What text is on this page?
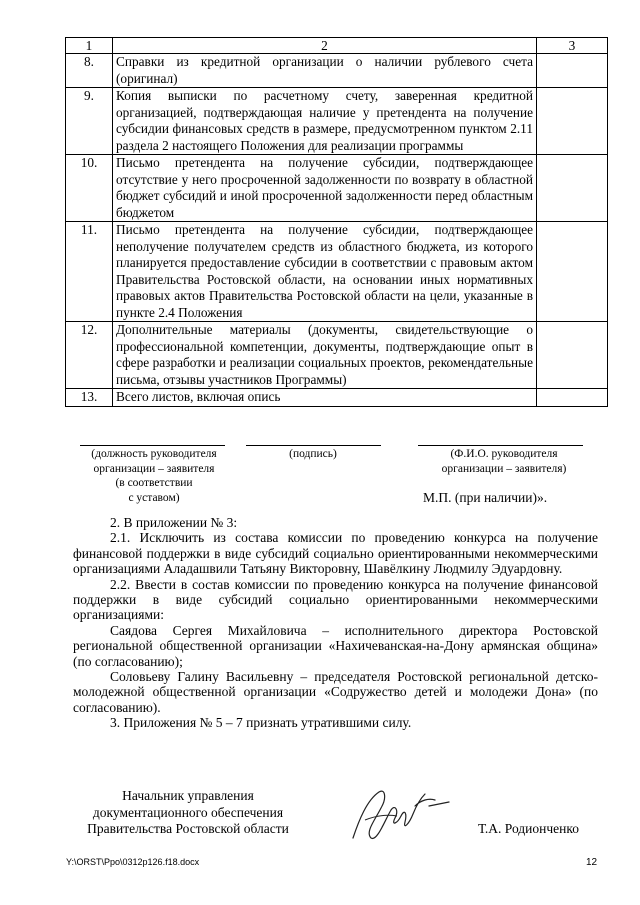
1	2	3
8.	Справки из кредитной организации о наличии рублевого счета (оригинал)	
9.	Копия выписки по расчетному счету, заверенная кредитной организацией, подтверждающая наличие у претендента на получение субсидии финансовых средств в размере, предусмотренном пунктом 2.11 раздела 2 настоящего Положения для реализации программы	
10.	Письмо претендента на получение субсидии, подтверждающее отсутствие у него просроченной задолженности по возврату в областной бюджет субсидий и иной просроченной задолженности перед областным бюджетом	
11.	Письмо претендента на получение субсидии, подтверждающее неполучение получателем средств из областного бюджета, из которого планируется предоставление субсидии в соответствии с правовым актом Правительства Ростовской области, на основании иных нормативных правовых актов Правительства Ростовской области на цели, указанные в пункте 2.4 Положения	
12.	Дополнительные материалы (документы, свидетельствующие о профессиональной компетенции, документы, подтверждающие опыт в сфере разработки и реализации социальных проектов, рекомендательные письма, отзывы участников Программы)	
13.	Всего листов, включая опись	
(должность руководителя
организации – заявителя
(в соответствии
с уставом)
(подпись)	(Ф.И.О. руководителя
организации – заявителя)
М.П. (при наличии)».

2. В приложении № 3:

2.1. Исключить из состава комиссии по проведению конкурса на получение финансовой поддержки в виде субсидий социально ориентированными некоммерческими организациями Аладашвили Татьяну Викторовну, Шавёлкину Людмилу Эдуардовну.

2.2. Ввести в состав комиссии по проведению конкурса на получение финансовой поддержки в виде субсидий социально ориентированными некоммерческими организациями:

Саядова Сергея Михайловича – исполнительного директора Ростовской региональной общественной организации «Нахичеванская-на-Дону армянская община» (по согласованию);

Соловьеву Галину Васильевну – председателя Ростовской региональной детско-молодежной общественной организации «Содружество детей и молодежи Дона» (по согласованию).

3. Приложения № 5 – 7 признать утратившими силу.

Начальник управления
документационного обеспечения
Правительства Ростовской области	Т.А. Родионченко
Y:\ORST\Ppo\0312p126.f18.docx	12
